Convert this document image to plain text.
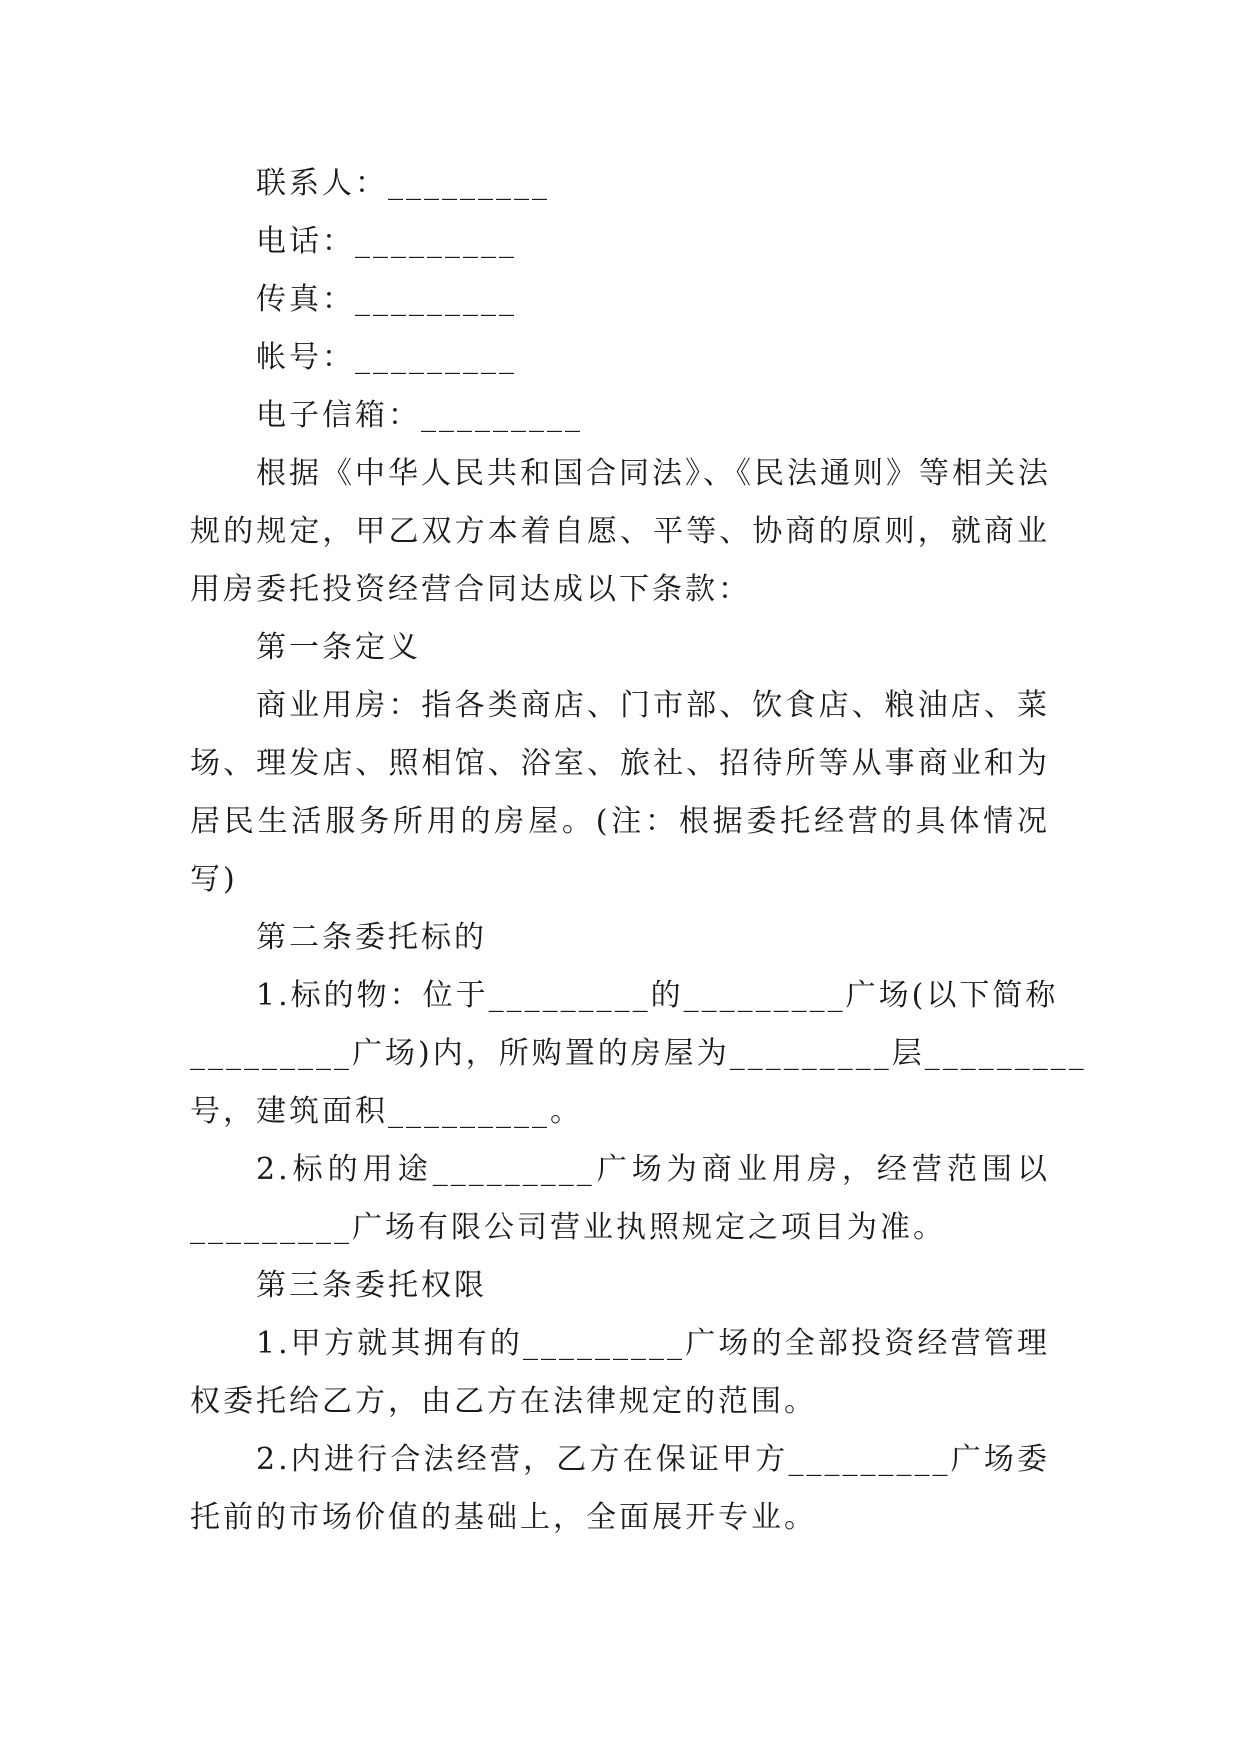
联系人：_________
电话：_________
传真：_________
帐号：_________
电子信箱：_________
根据《中华人民共和国合同法》、《民法通则》等相关法
规的规定，甲乙双方本着自愿、平等、协商的原则，就商业
用房委托投资经营合同达成以下条款：
第一条定义
商业用房：指各类商店、门市部、饮食店、粮油店、菜
场、理发店、照相馆、浴室、旅社、招待所等从事商业和为
居民生活服务所用的房屋。(注：根据委托经营的具体情况
写)
第二条委托标的
1.标的物：位于_________的_________广场(以下简称
_________广场)内，所购置的房屋为_________层_________
号，建筑面积_________。
2.标的用途_________广场为商业用房，经营范围以
_________广场有限公司营业执照规定之项目为准。
第三条委托权限
1.甲方就其拥有的_________广场的全部投资经营管理
权委托给乙方，由乙方在法律规定的范围。
2.内进行合法经营，乙方在保证甲方_________广场委
托前的市场价值的基础上，全面展开专业。
